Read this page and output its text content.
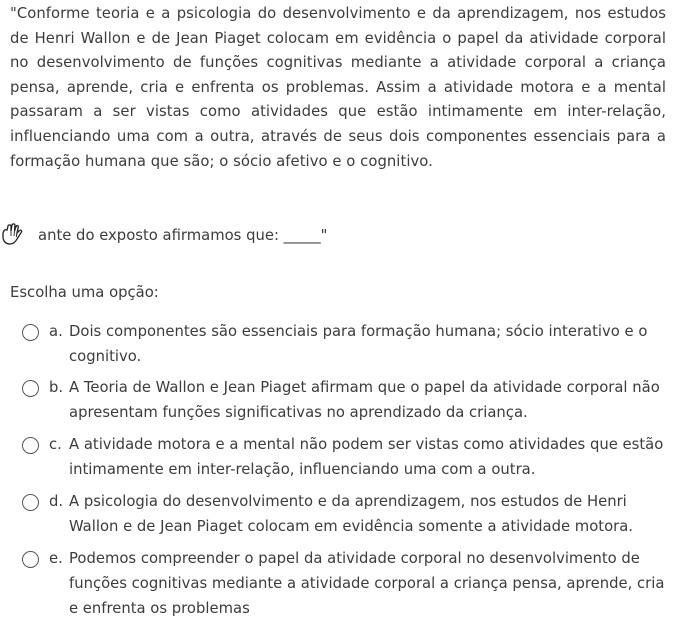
"Conforme teoria e a psicologia do desenvolvimento e da aprendizagem, nos estudos de Henri Wallon e de Jean Piaget colocam em evidência o papel da atividade corporal no desenvolvimento de funções cognitivas mediante a atividade corporal a criança pensa, aprende, cria e enfrenta os problemas. Assim a atividade motora e a mental passaram a ser vistas como atividades que estão intimamente em inter-relação, influenciando uma com a outra, através de seus dois componentes essenciais para a formação humana que são; o sócio afetivo e o cognitivo.
ante do exposto afirmamos que: _____"
Escolha uma opção:
a. Dois componentes são essenciais para formação humana; sócio interativo e o cognitivo.
b. A Teoria de Wallon e Jean Piaget afirmam que o papel da atividade corporal não apresentam funções significativas no aprendizado da criança.
c. A atividade motora e a mental não podem ser vistas como atividades que estão intimamente em inter-relação, influenciando uma com a outra.
d. A psicologia do desenvolvimento e da aprendizagem, nos estudos de Henri Wallon e de Jean Piaget colocam em evidência somente a atividade motora.
e. Podemos compreender o papel da atividade corporal no desenvolvimento de funções cognitivas mediante a atividade corporal a criança pensa, aprende, cria e enfrenta os problemas
